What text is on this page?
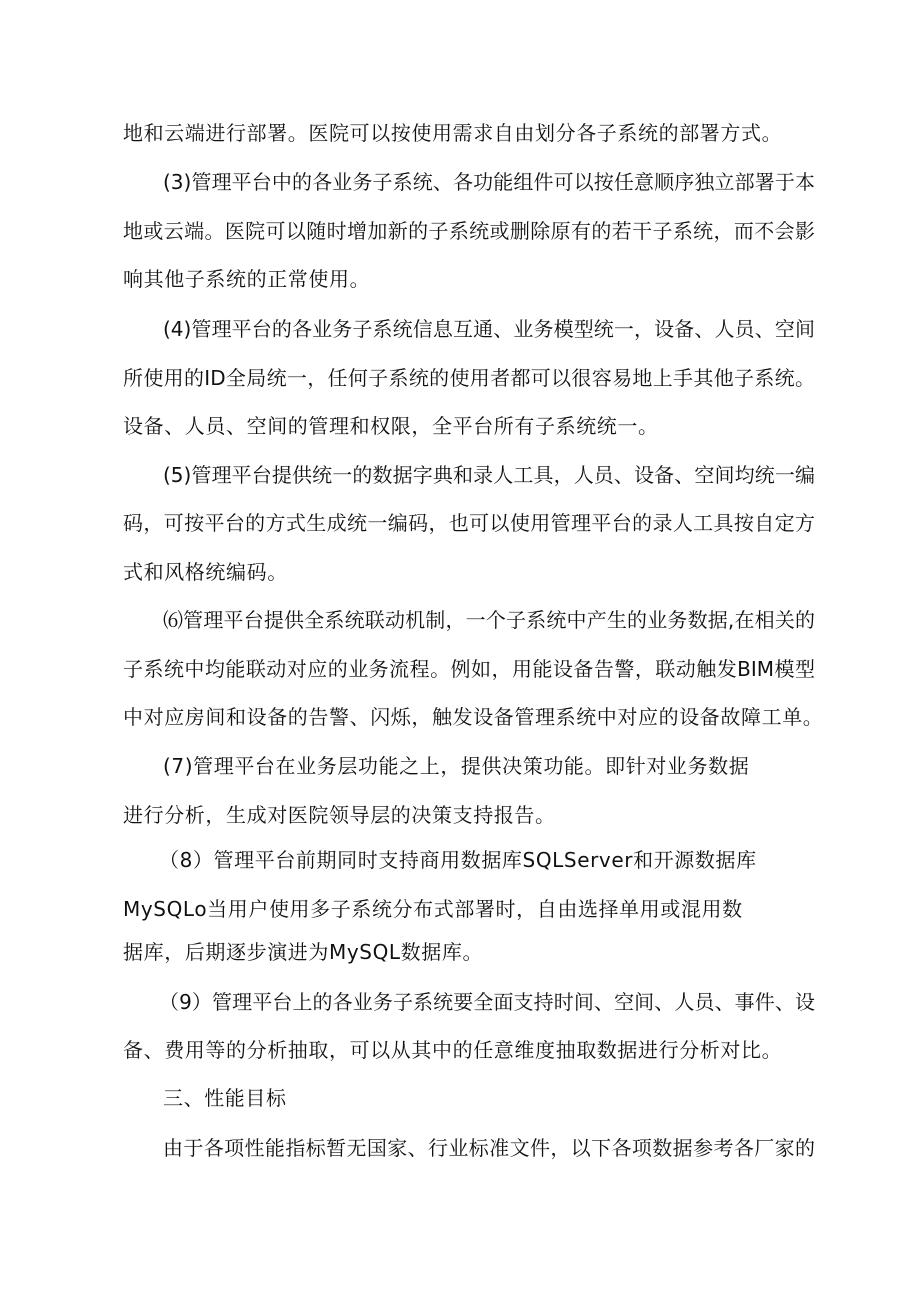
地和云端进行部署。医院可以按使用需求自由划分各子系统的部署方式。

(3)管理平台中的各业务子系统、各功能组件可以按任意顺序独立部署于本

地或云端。医院可以随时增加新的子系统或删除原有的若干子系统，而不会影

响其他子系统的正常使用。

(4)管理平台的各业务子系统信息互通、业务模型统一，设备、人员、空间

所使用的ID全局统一，任何子系统的使用者都可以很容易地上手其他子系统。

设备、人员、空间的管理和权限，全平台所有子系统统一。

(5)管理平台提供统一的数据字典和录人工具，人员、设备、空间均统一编

码，可按平台的方式生成统一编码，也可以使用管理平台的录人工具按自定方

式和风格统编码。

⑹管理平台提供全系统联动机制，一个子系统中产生的业务数据,在相关的

子系统中均能联动对应的业务流程。例如，用能设备告警，联动触发BIM模型

中对应房间和设备的告警、闪烁，触发设备管理系统中对应的设备故障工单。

(7)管理平台在业务层功能之上，提供决策功能。即针对业务数据

进行分析，生成对医院领导层的决策支持报告。

（8）管理平台前期同时支持商用数据库SQLServer和开源数据库

MySQLo当用户使用多子系统分布式部署时，自由选择单用或混用数

据库，后期逐步演进为MySQL数据库。

（9）管理平台上的各业务子系统要全面支持时间、空间、人员、事件、设

备、费用等的分析抽取，可以从其中的任意维度抽取数据进行分析对比。

三、性能目标

由于各项性能指标暂无国家、行业标准文件，以下各项数据参考各厂家的
